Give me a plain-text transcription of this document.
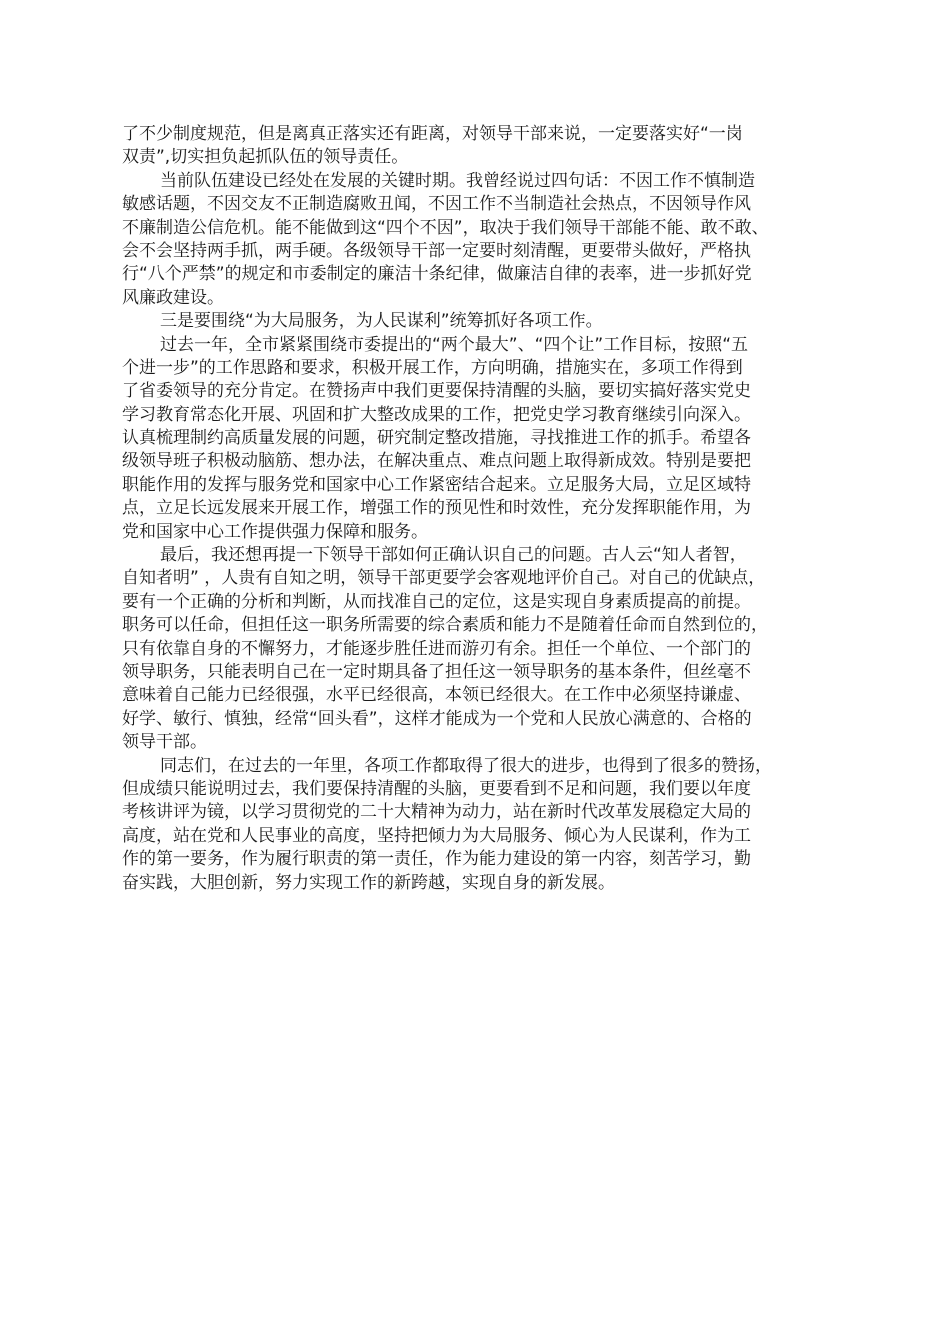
了不少制度规范，但是离真正落实还有距离，对领导干部来说，一定要落实好“一岗
双责”,切实担负起抓队伍的领导责任。
当前队伍建设已经处在发展的关键时期。我曾经说过四句话：不因工作不慎制造
敏感话题，不因交友不正制造腐败丑闻，不因工作不当制造社会热点，不因领导作风
不廉制造公信危机。能不能做到这“四个不因”，取决于我们领导干部能不能、敢不敢、
会不会坚持两手抓，两手硬。各级领导干部一定要时刻清醒，更要带头做好，严格执
行“八个严禁”的规定和市委制定的廉洁十条纪律，做廉洁自律的表率，进一步抓好党
风廉政建设。
三是要围绕“为大局服务，为人民谋利”统筹抓好各项工作。
过去一年，全市紧紧围绕市委提出的“两个最大”、“四个让”工作目标，按照“五
个进一步”的工作思路和要求，积极开展工作，方向明确，措施实在，多项工作得到
了省委领导的充分肯定。在赞扬声中我们更要保持清醒的头脑，要切实搞好落实党史
学习教育常态化开展、巩固和扩大整改成果的工作，把党史学习教育继续引向深入。
认真梳理制约高质量发展的问题，研究制定整改措施，寻找推进工作的抓手。希望各
级领导班子积极动脑筋、想办法，在解决重点、难点问题上取得新成效。特别是要把
职能作用的发挥与服务党和国家中心工作紧密结合起来。立足服务大局，立足区域特
点，立足长远发展来开展工作，增强工作的预见性和时效性，充分发挥职能作用，为
党和国家中心工作提供强力保障和服务。
最后，我还想再提一下领导干部如何正确认识自己的问题。古人云“知人者智，
自知者明” ，人贵有自知之明，领导干部更要学会客观地评价自己。对自己的优缺点，
要有一个正确的分析和判断，从而找准自己的定位，这是实现自身素质提高的前提。
职务可以任命，但担任这一职务所需要的综合素质和能力不是随着任命而自然到位的，
只有依靠自身的不懈努力，才能逐步胜任进而游刃有余。担任一个单位、一个部门的
领导职务，只能表明自己在一定时期具备了担任这一领导职务的基本条件，但丝毫不
意味着自己能力已经很强，水平已经很高，本领已经很大。在工作中必须坚持谦虚、
好学、敏行、慎独，经常“回头看”，这样才能成为一个党和人民放心满意的、合格的
领导干部。
同志们，在过去的一年里，各项工作都取得了很大的进步，也得到了很多的赞扬，
但成绩只能说明过去，我们要保持清醒的头脑，更要看到不足和问题，我们要以年度
考核讲评为镜，以学习贯彻党的二十大精神为动力，站在新时代改革发展稳定大局的
高度，站在党和人民事业的高度，坚持把倾力为大局服务、倾心为人民谋利，作为工
作的第一要务，作为履行职责的第一责任，作为能力建设的第一内容，刻苦学习，勤
奋实践，大胆创新，努力实现工作的新跨越，实现自身的新发展。
